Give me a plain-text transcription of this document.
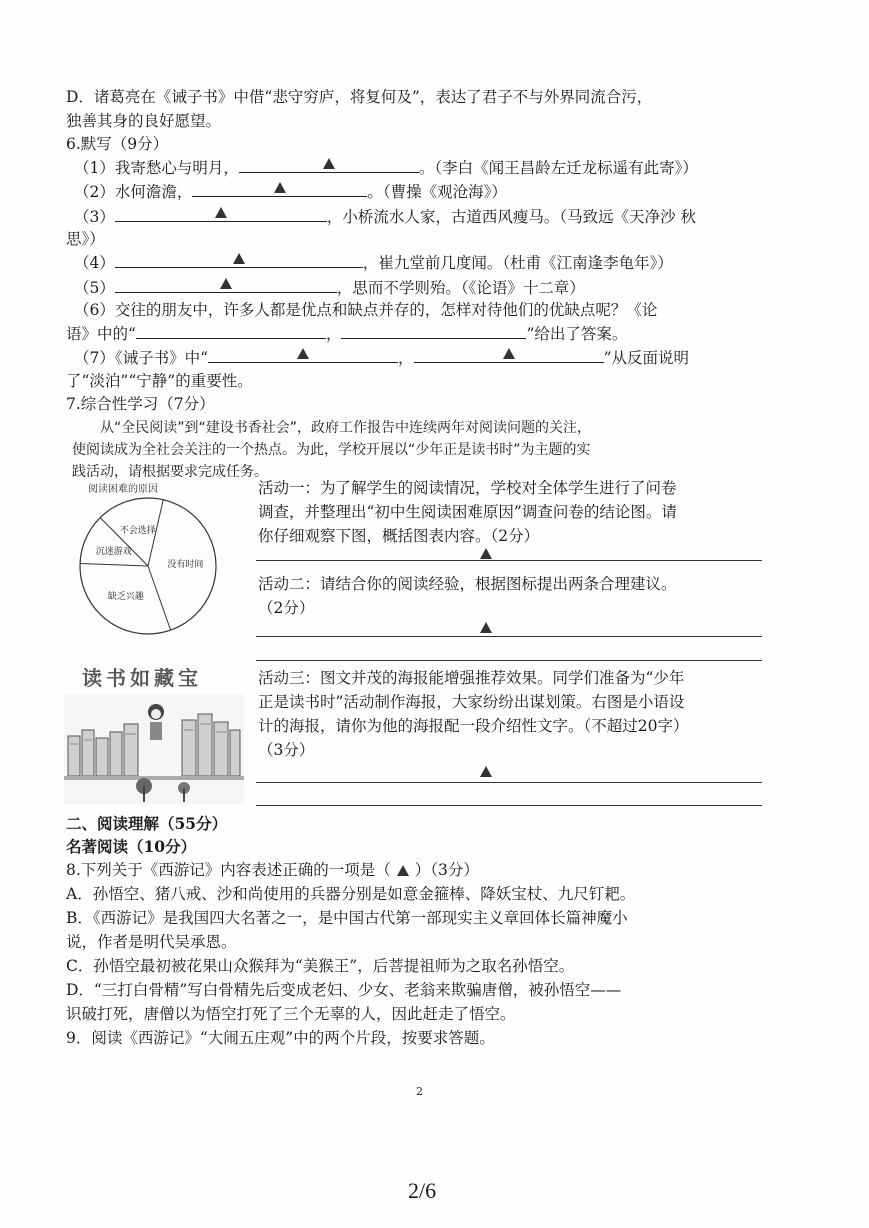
D．诸葛亮在《诫子书》中借“悲守穷庐，将复何及”，表达了君子不与外界同流合污，
独善其身的良好愿望。
6.默写（9分）
（1）我寄愁心与明月，	。（李白《闻王昌龄左迁龙标遥有此寄》）
（2）水何澹澹，	。（曹操《观沧海》）
（3）	，小桥流水人家，古道西风瘦马。（马致远《天净沙 秋
思》）
（4）	，崔九堂前几度闻。（杜甫《江南逢李龟年》）
（5）	，思而不学则殆。（《论语》十二章）
（6）交往的朋友中，许多人都是优点和缺点并存的，怎样对待他们的优缺点呢？《论
语》中的“	，	”给出了答案。
（7）《诫子书》中“	，	”从反面说明
了“淡泊”“宁静”的重要性。
7.综合性学习（7分）
从“全民阅读”到“建设书香社会”，政府工作报告中连续两年对阅读问题的关注，
使阅读成为全社会关注的一个热点。为此，学校开展以“少年正是读书时”为主题的实
践活动，请根据要求完成任务。
阅读困难的原因
不会选择
没有时间
缺乏兴趣
沉迷游戏
活动一：为了解学生的阅读情况，学校对全体学生进行了问卷
调查，并整理出“初中生阅读困难原因”调查问卷的结论图。请
你仔细观察下图，概括图表内容。（2分）
活动二：请结合你的阅读经验，根据图标提出两条合理建议。
（2分）
读书如藏宝	活动三：图文并茂的海报能增强推荐效果。同学们准备为“少年
正是读书时”活动制作海报，大家纷纷出谋划策。右图是小语设
计的海报，请你为他的海报配一段介绍性文字。（不超过20字）
（3分）
二、阅读理解（55分）
名著阅读（10分）
8.下列关于《西游记》内容表述正确的一项是（ ）（3分）
A．孙悟空、猪八戒、沙和尚使用的兵器分别是如意金箍棒、降妖宝杖、九尺钉耙。
B．《西游记》是我国四大名著之一，是中国古代第一部现实主义章回体长篇神魔小
说，作者是明代吴承恩。
C．孙悟空最初被花果山众猴拜为“美猴王”，后菩提祖师为之取名孙悟空。
D．“三打白骨精”写白骨精先后变成老妇、少女、老翁来欺骗唐僧，被孙悟空——
识破打死，唐僧以为悟空打死了三个无辜的人，因此赶走了悟空。
9．阅读《西游记》“大闹五庄观”中的两个片段，按要求答题。
2
2/6
